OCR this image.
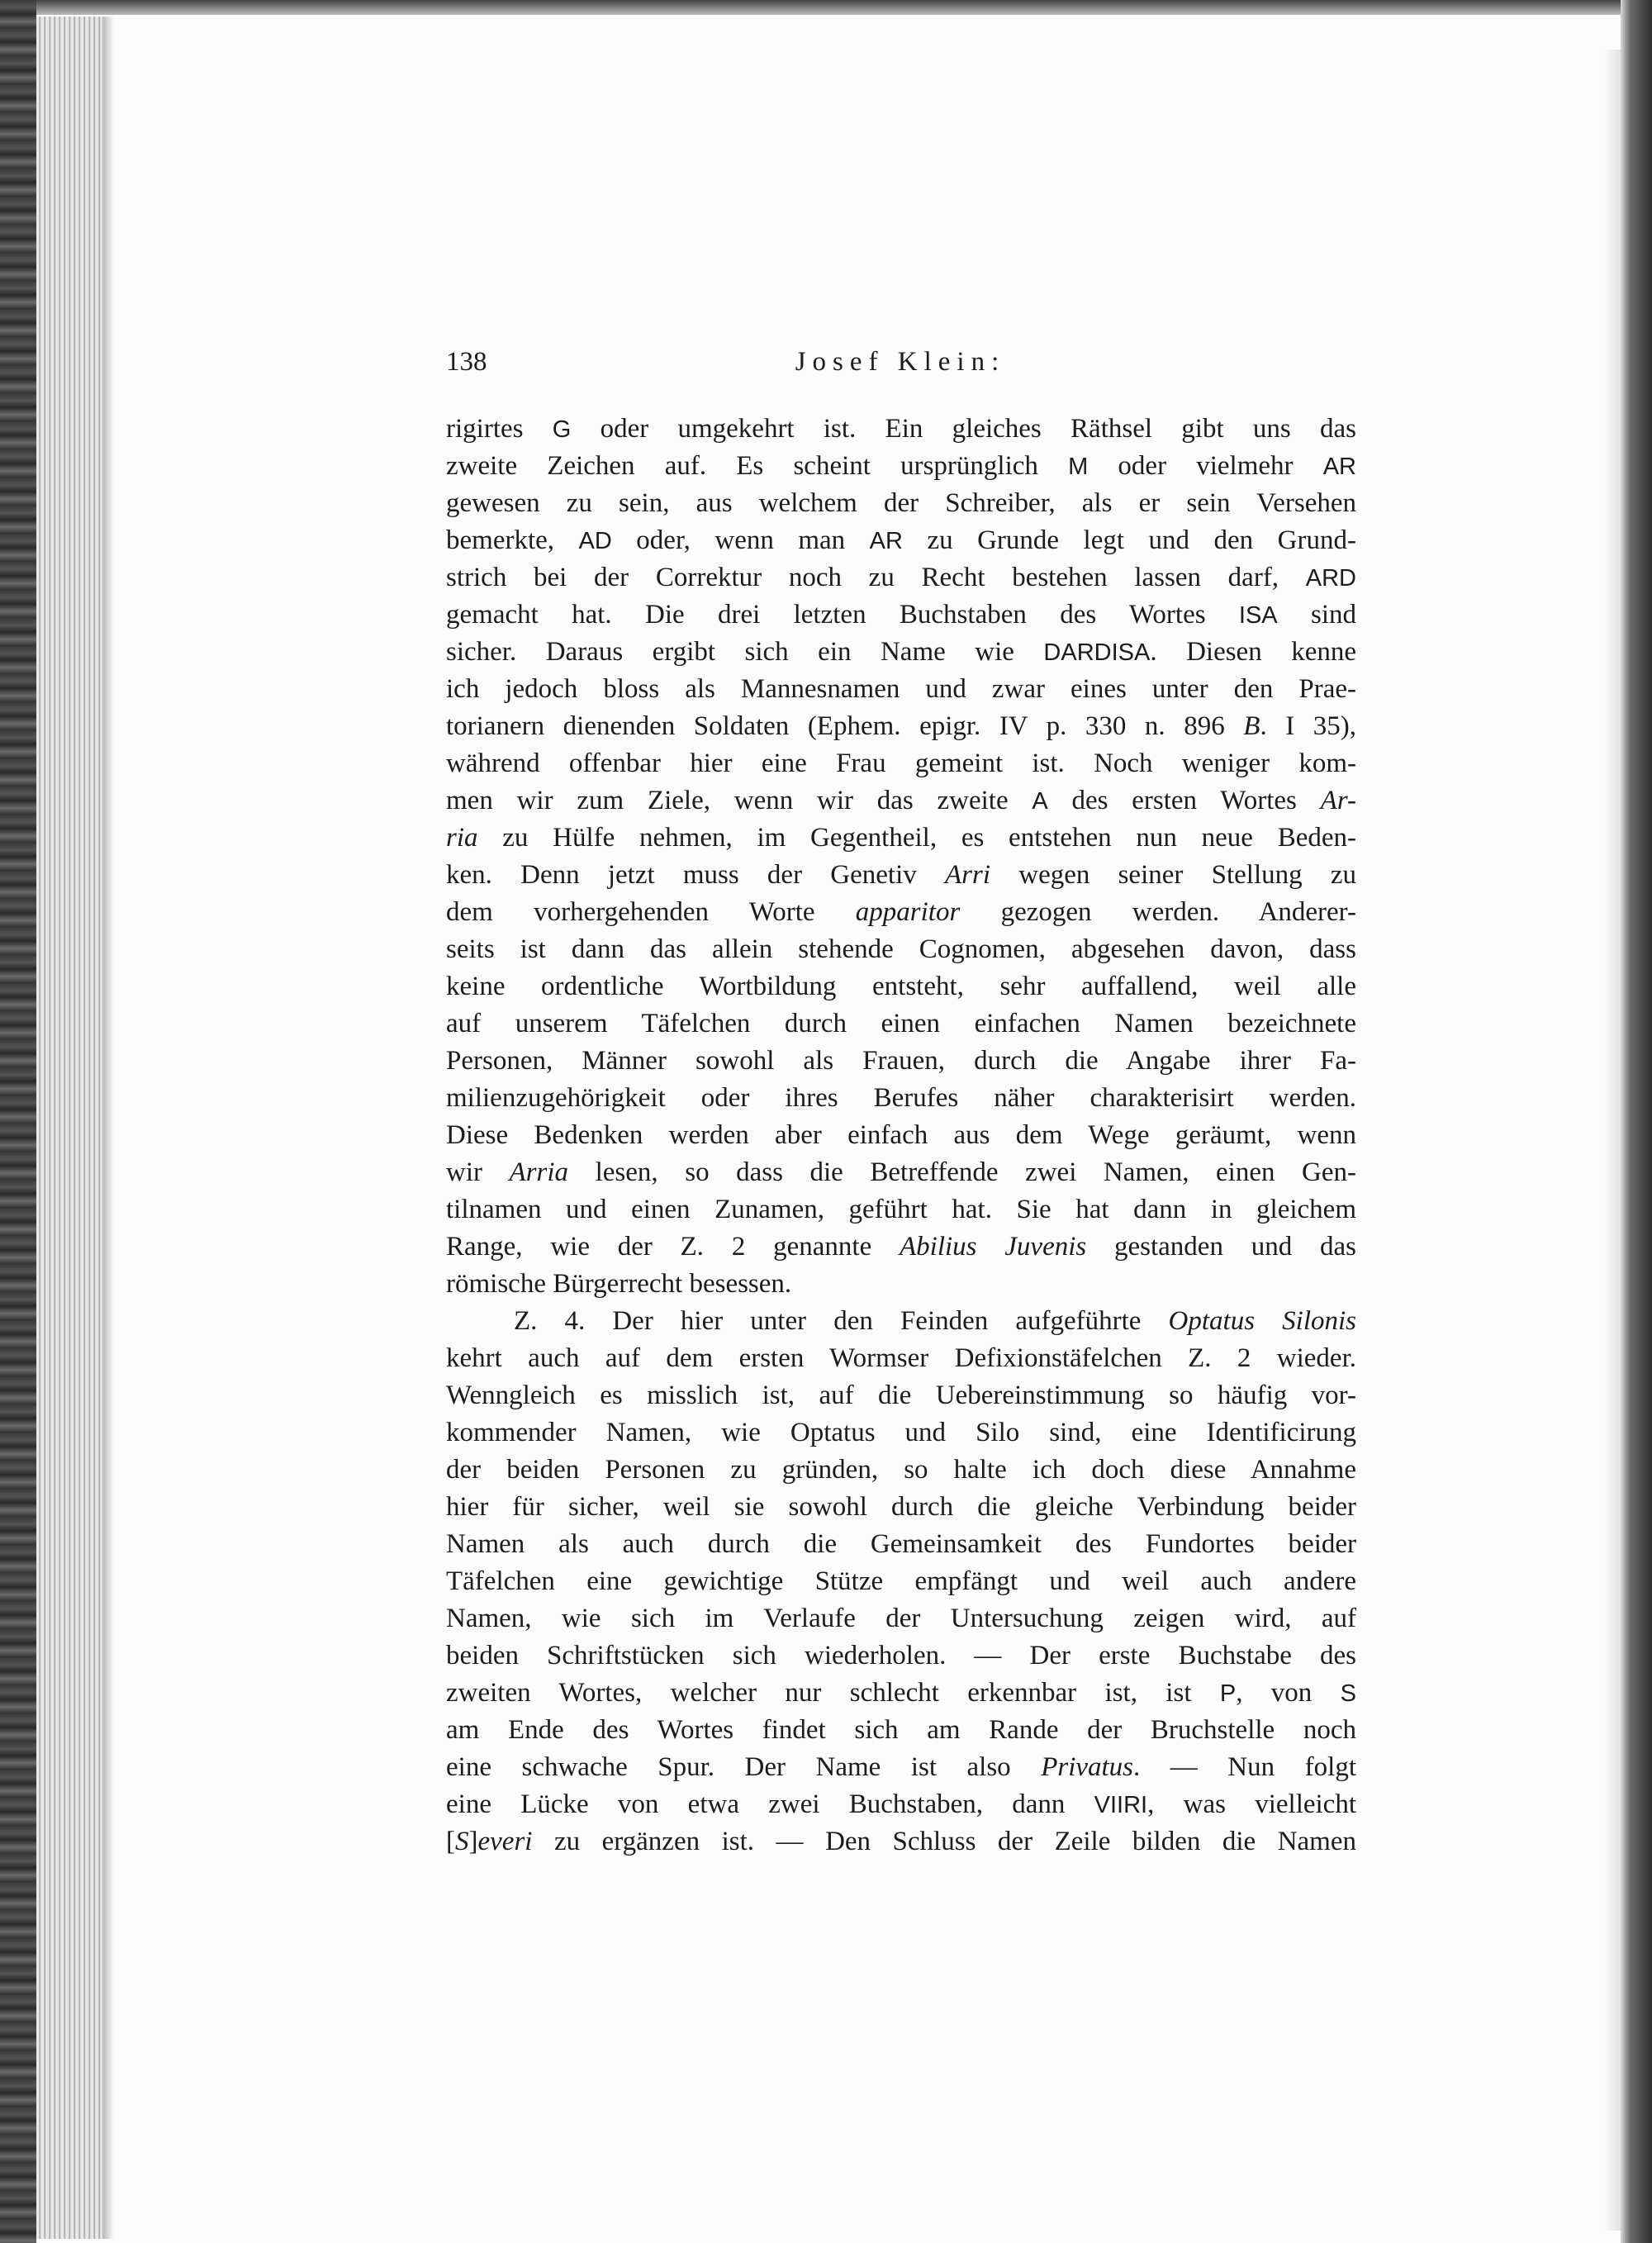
138	Josef Klein:
rigirtes G oder umgekehrt ist. Ein gleiches Räthsel gibt uns das
zweite Zeichen auf. Es scheint ursprünglich M oder vielmehr AR
gewesen zu sein, aus welchem der Schreiber, als er sein Versehen
bemerkte, AD oder, wenn man AR zu Grunde legt und den Grund-
strich bei der Correktur noch zu Recht bestehen lassen darf, ARD
gemacht hat. Die drei letzten Buchstaben des Wortes ISA sind
sicher. Daraus ergibt sich ein Name wie DARDISA. Diesen kenne
ich jedoch bloss als Mannesnamen und zwar eines unter den Prae-
torianern dienenden Soldaten (Ephem. epigr. IV p. 330 n. 896 B. I 35),
während offenbar hier eine Frau gemeint ist. Noch weniger kom-
men wir zum Ziele, wenn wir das zweite A des ersten Wortes Ar-
ria zu Hülfe nehmen, im Gegentheil, es entstehen nun neue Beden-
ken. Denn jetzt muss der Genetiv Arri wegen seiner Stellung zu
dem vorhergehenden Worte apparitor gezogen werden. Anderer-
seits ist dann das allein stehende Cognomen, abgesehen davon, dass
keine ordentliche Wortbildung entsteht, sehr auffallend, weil alle
auf unserem Täfelchen durch einen einfachen Namen bezeichnete
Personen, Männer sowohl als Frauen, durch die Angabe ihrer Fa-
milienzugehörigkeit oder ihres Berufes näher charakterisirt werden.
Diese Bedenken werden aber einfach aus dem Wege geräumt, wenn
wir Arria lesen, so dass die Betreffende zwei Namen, einen Gen-
tilnamen und einen Zunamen, geführt hat. Sie hat dann in gleichem
Range, wie der Z. 2 genannte Abilius Juvenis gestanden und das
römische Bürgerrecht besessen.
Z. 4. Der hier unter den Feinden aufgeführte Optatus Silonis
kehrt auch auf dem ersten Wormser Defixionstäfelchen Z. 2 wieder.
Wenngleich es misslich ist, auf die Uebereinstimmung so häufig vor-
kommender Namen, wie Optatus und Silo sind, eine Identificirung
der beiden Personen zu gründen, so halte ich doch diese Annahme
hier für sicher, weil sie sowohl durch die gleiche Verbindung beider
Namen als auch durch die Gemeinsamkeit des Fundortes beider
Täfelchen eine gewichtige Stütze empfängt und weil auch andere
Namen, wie sich im Verlaufe der Untersuchung zeigen wird, auf
beiden Schriftstücken sich wiederholen. — Der erste Buchstabe des
zweiten Wortes, welcher nur schlecht erkennbar ist, ist P, von S
am Ende des Wortes findet sich am Rande der Bruchstelle noch
eine schwache Spur. Der Name ist also Privatus. — Nun folgt
eine Lücke von etwa zwei Buchstaben, dann VIIRI, was vielleicht
[S]everi zu ergänzen ist. — Den Schluss der Zeile bilden die Namen
